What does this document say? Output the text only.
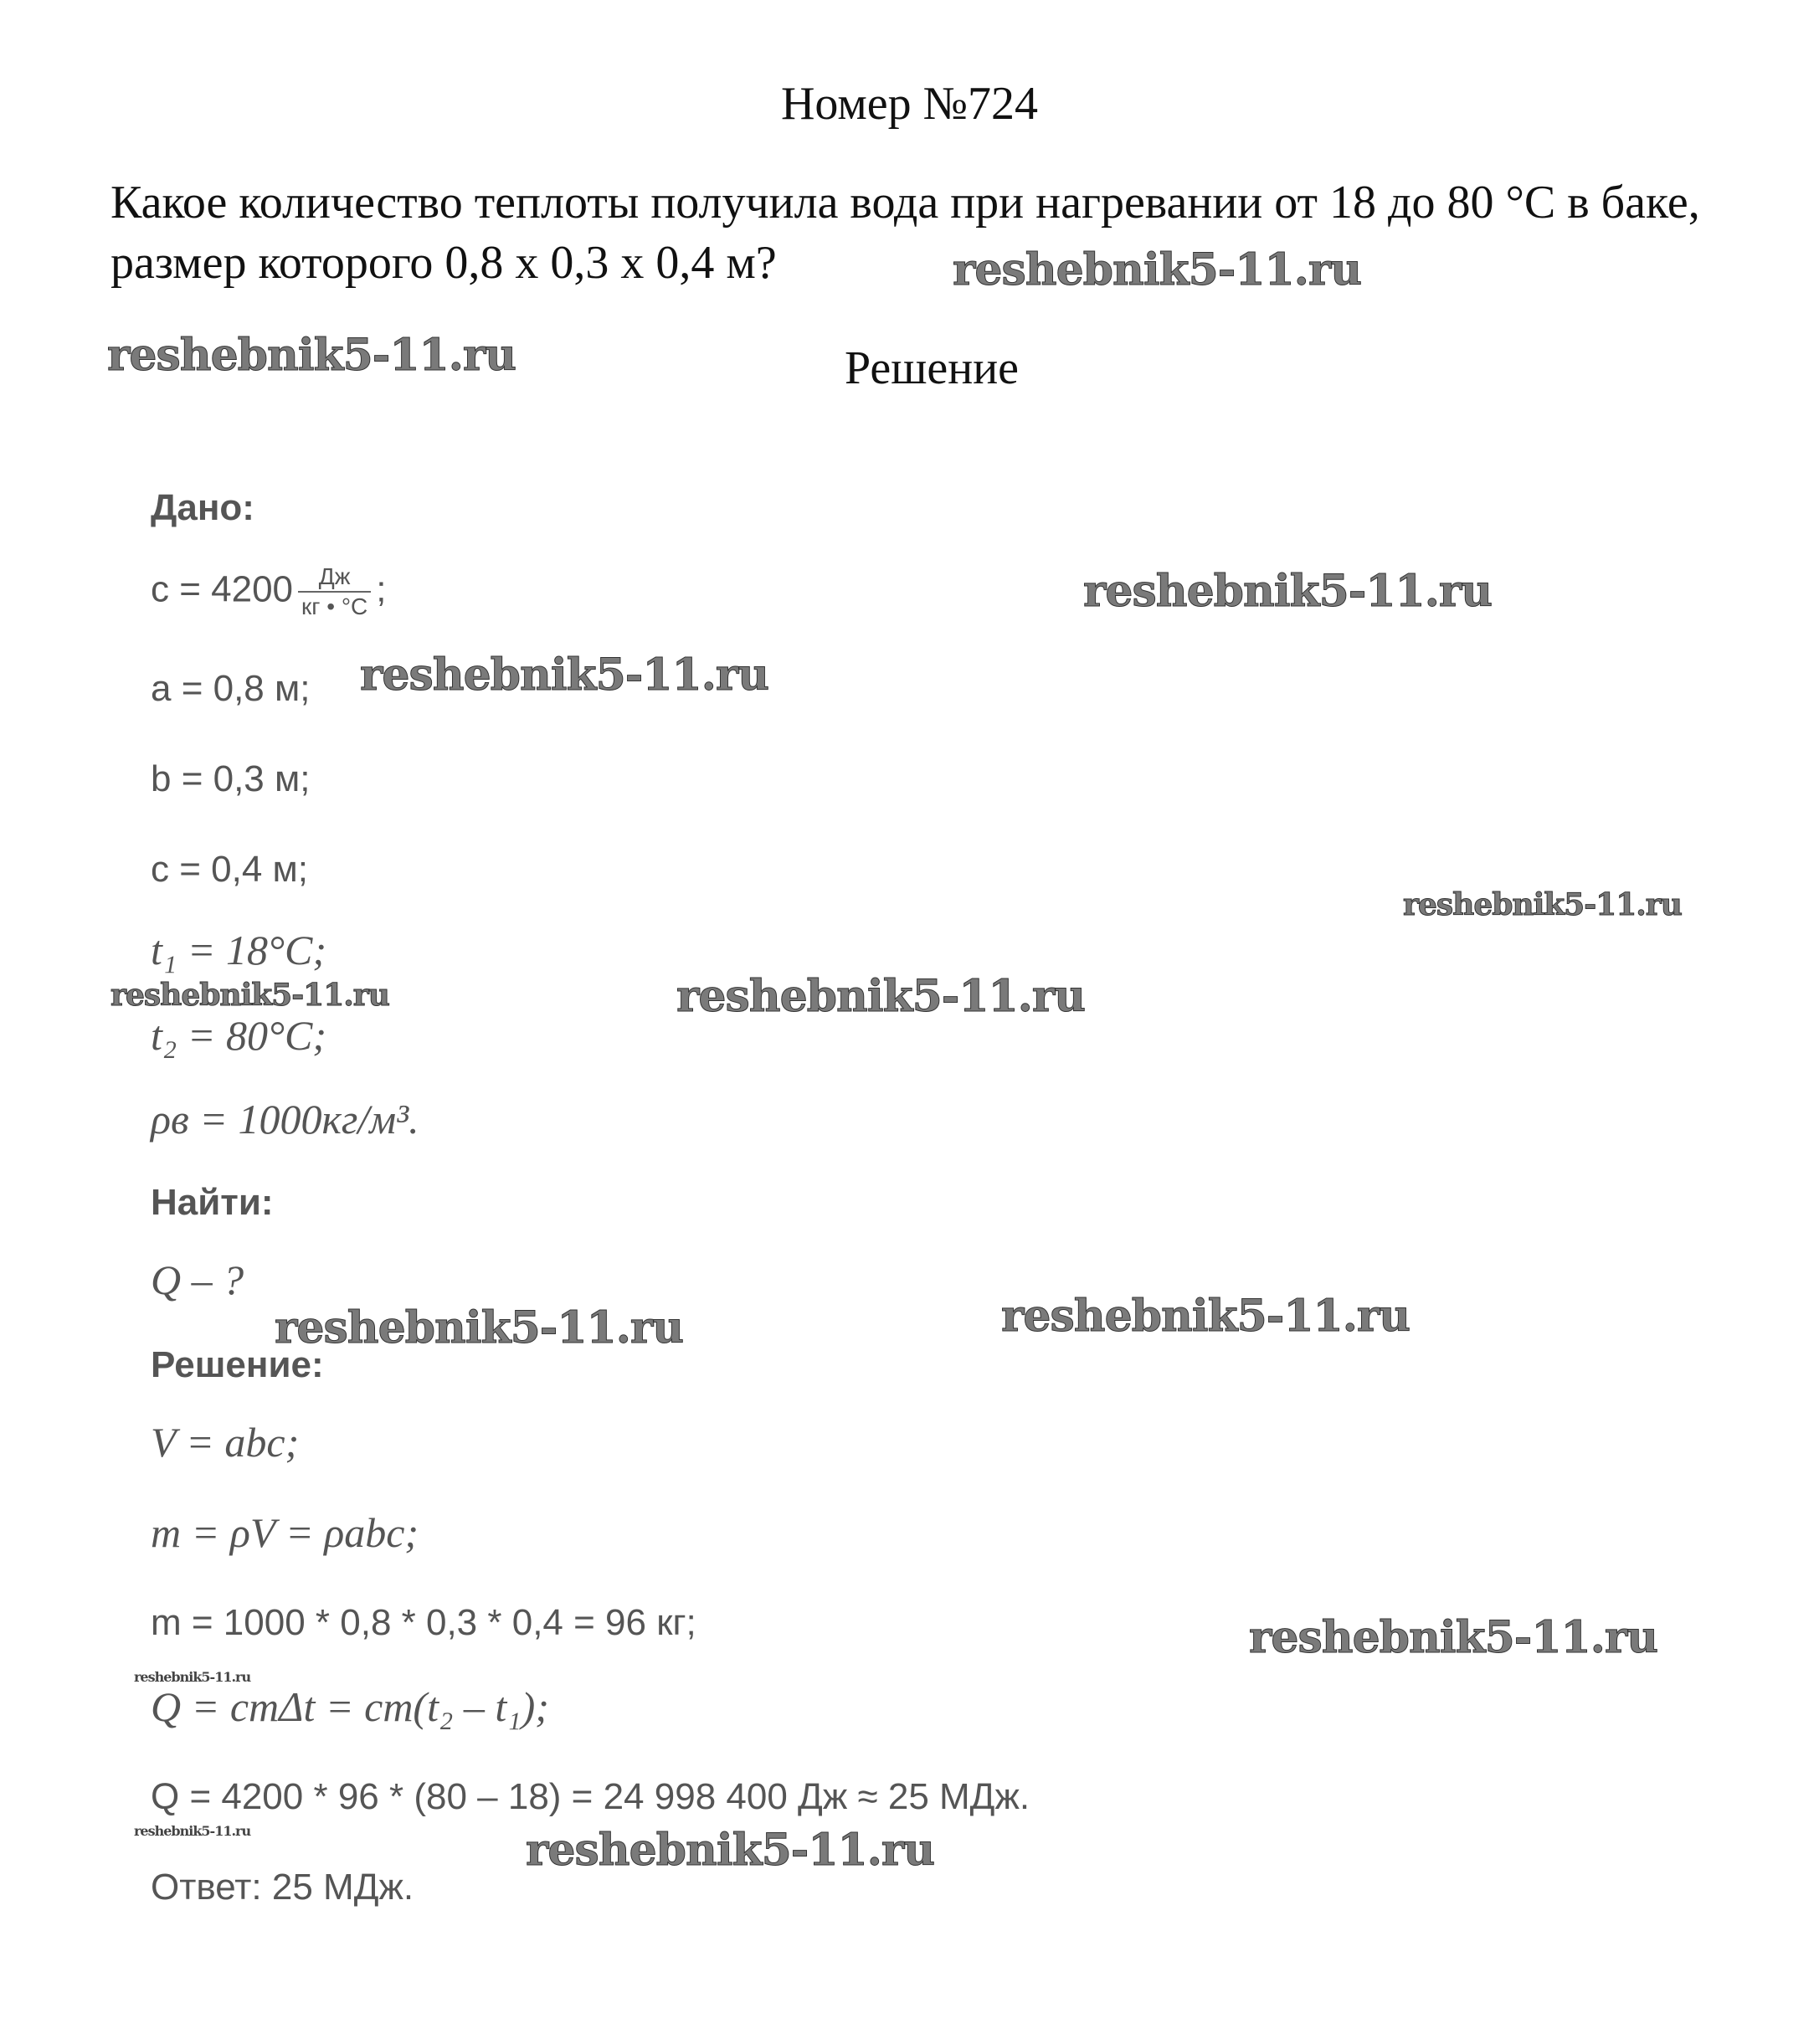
Номер №724
Какое количество теплоты получила вода при нагревании от 18 до 80 °С в баке, размер которого 0,8 х 0,3 х 0,4 м?
Решение
Дано:
$c = 4200 \frac{Дж}{кг • ^\circ С}$ ;
a = 0,8 м;
b = 0,3 м;
с = 0,4 м;
t₁ = 18°С;
t₂ = 80°С;
ρв = 1000кг/м³.
Найти:
Q – ?
Решение:
V = abc;
m = ρV = ρabc;
m = 1000 * 0,8 * 0,3 * 0,4 = 96 кг;
Q = cmΔt = cm(t₂ – t₁);
Q = 4200 * 96 * (80 – 18) = 24 998 400 Дж ≈ 25 МДж.
Ответ: 25 МДж.
reshebnik5-11.ru
reshebnik5-11.ru
reshebnik5-11.ru
reshebnik5-11.ru
reshebnik5-11.ru
reshebnik5-11.ru	reshebnik5-11.ru
reshebnik5-11.ru
reshebnik5-11.ru
reshebnik5-11.ru
reshebnik5-11.ru
reshebnik5-11.ru	reshebnik5-11.ru
